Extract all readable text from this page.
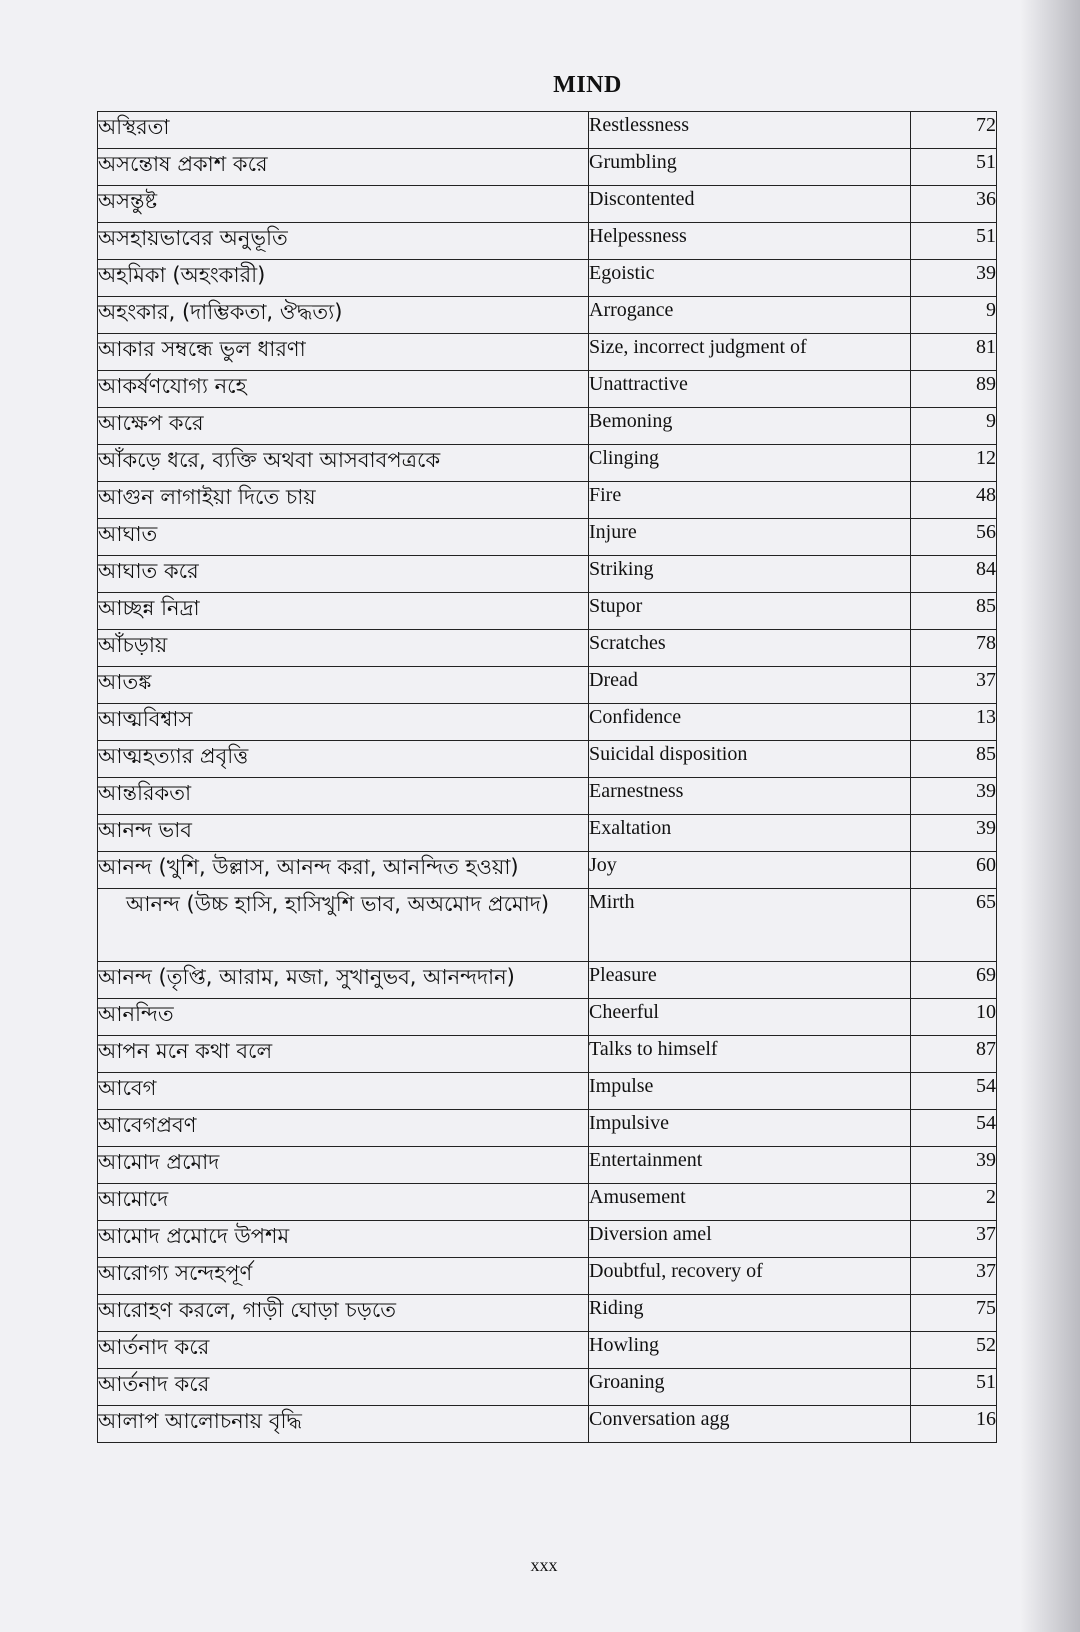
MIND
অস্থিরতা	Restlessness	72
অসন্তোষ প্রকাশ করে	Grumbling	51
অসন্তুষ্ট	Discontented	36
অসহায়ভাবের অনুভূতি	Helpessness	51
অহমিকা (অহংকারী)	Egoistic	39
অহংকার, (দাম্ভিকতা, ঔদ্ধত্য)	Arrogance	9
আকার সম্বন্ধে ভুল ধারণা	Size, incorrect judgment of	81
আকর্ষণযোগ্য নহে	Unattractive	89
আক্ষেপ করে	Bemoning	9
আঁকড়ে ধরে, ব্যক্তি অথবা আসবাবপত্রকে	Clinging	12
আগুন লাগাইয়া দিতে চায়	Fire	48
আঘাত	Injure	56
আঘাত করে	Striking	84
আচ্ছন্ন নিদ্রা	Stupor	85
আঁচড়ায়	Scratches	78
আতঙ্ক	Dread	37
আত্মবিশ্বাস	Confidence	13
আত্মহত্যার প্রবৃত্তি	Suicidal disposition	85
আন্তরিকতা	Earnestness	39
আনন্দ ভাব	Exaltation	39
আনন্দ (খুশি, উল্লাস, আনন্দ করা, আনন্দিত হওয়া)	Joy	60
আনন্দ (উচ্চ হাসি, হাসিখুশি ভাব, অঅমোদ প্রমোদ)	Mirth	65
আনন্দ (তৃপ্তি, আরাম, মজা, সুখানুভব, আনন্দদান)	Pleasure	69
আনন্দিত	Cheerful	10
আপন মনে কথা বলে	Talks to himself	87
আবেগ	Impulse	54
আবেগপ্রবণ	Impulsive	54
আমোদ প্রমোদ	Entertainment	39
আমোদে	Amusement	2
আমোদ প্রমোদে উপশম	Diversion amel	37
আরোগ্য সন্দেহপূর্ণ	Doubtful, recovery of	37
আরোহণ করলে, গাড়ী ঘোড়া চড়তে	Riding	75
আর্তনাদ করে	Howling	52
আর্তনাদ করে	Groaning	51
আলাপ আলোচনায় বৃদ্ধি	Conversation agg	16
xxx
